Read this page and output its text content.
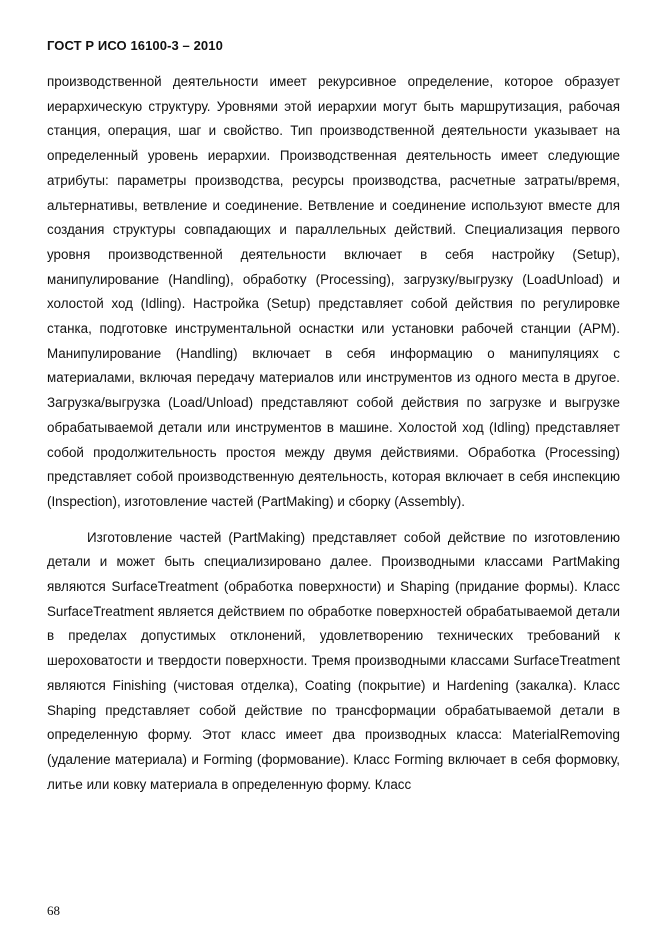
ГОСТ Р ИСО 16100-3 – 2010

производственной деятельности имеет рекурсивное определение, которое образует иерархическую структуру. Уровнями этой иерархии могут быть маршрутизация, рабочая станция, операция, шаг и свойство. Тип производственной деятельности указывает на определенный уровень иерархии. Производственная деятельность имеет следующие атрибуты: параметры производства, ресурсы производства, расчетные затраты/время, альтернативы, ветвление и соединение. Ветвление и соединение используют вместе для создания структуры совпадающих и параллельных действий. Специализация первого уровня производственной деятельности включает в себя настройку (Setup), манипулирование (Handling), обработку (Processing), загрузку/выгрузку (LoadUnload) и холостой ход (Idling). Настройка (Setup) представляет собой действия по регулировке станка, подготовке инструментальной оснастки или установки рабочей станции (АРМ). Манипулирование (Handling) включает в себя информацию о манипуляциях с материалами, включая передачу материалов или инструментов из одного места в другое. Загрузка/выгрузка (Load/Unload) представляют собой действия по загрузке и выгрузке обрабатываемой детали или инструментов в машине. Холостой ход (Idling) представляет собой продолжительность простоя между двумя действиями. Обработка (Processing) представляет собой производственную деятельность, которая включает в себя инспекцию (Inspection), изготовление частей (PartMaking) и сборку (Assembly).

Изготовление частей (PartMaking) представляет собой действие по изготовлению детали и может быть специализировано далее. Производными классами PartMaking являются SurfaceTreatment (обработка поверхности) и Shaping (придание формы). Класс SurfaceTreatment является действием по обработке поверхностей обрабатываемой детали в пределах допустимых отклонений, удовлетворению технических требований к шероховатости и твердости поверхности. Тремя производными классами SurfaceTreatment являются Finishing (чистовая отделка), Coating (покрытие) и Hardening (закалка). Класс Shaping представляет собой действие по трансформации обрабатываемой детали в определенную форму. Этот класс имеет два производных класса: MaterialRemoving (удаление материала) и Forming (формование). Класс Forming включает в себя формовку, литье или ковку материала в определенную форму. Класс

68
